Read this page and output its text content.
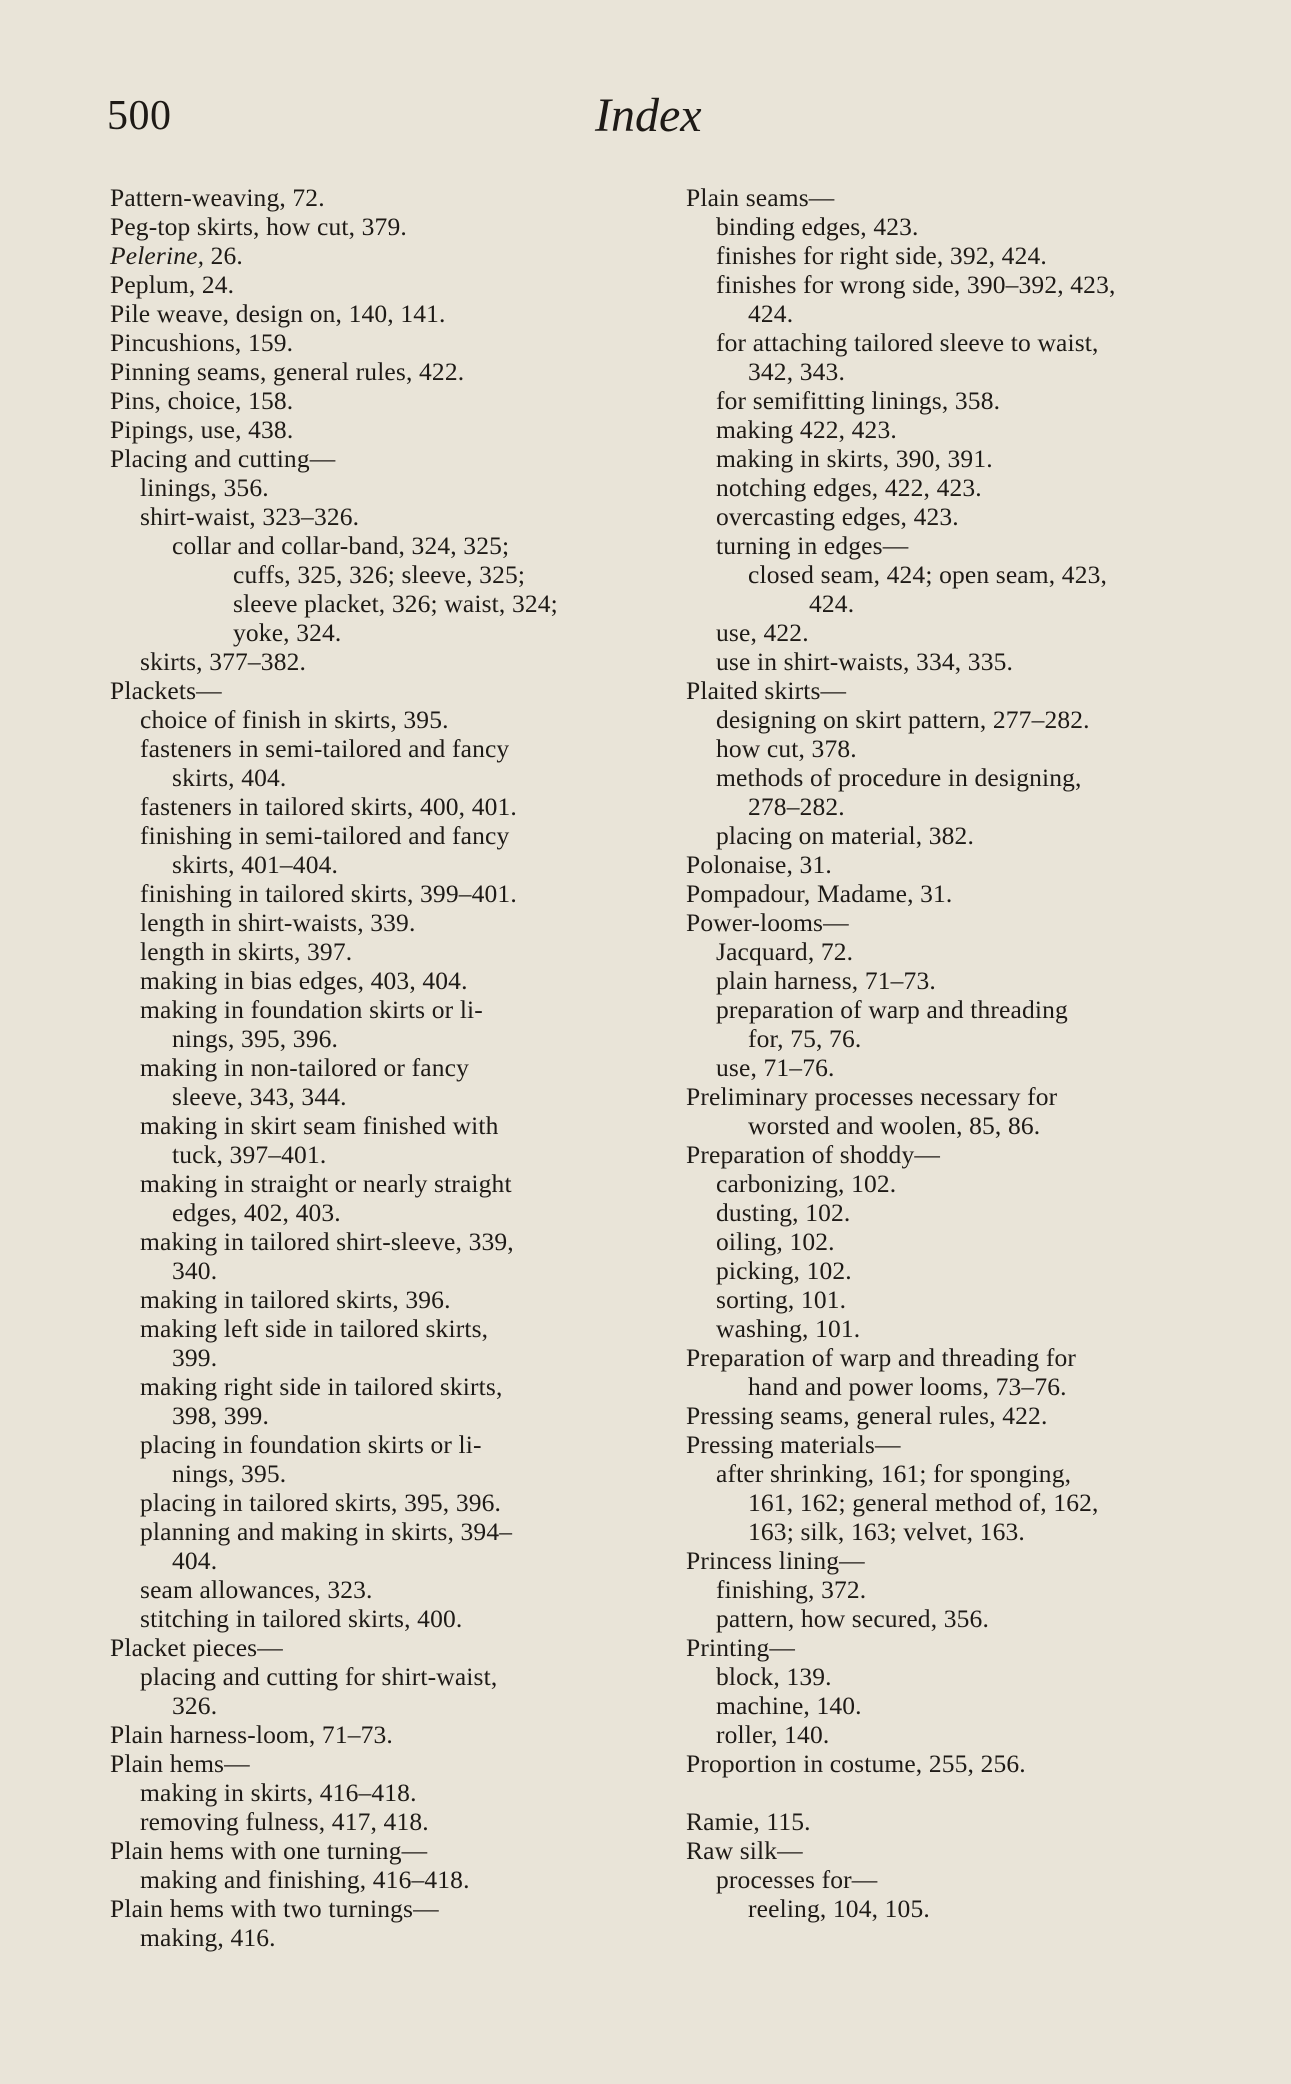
500	Index
Pattern-weaving, 72.
Peg-top skirts, how cut, 379.
Pelerine, 26.
Peplum, 24.
Pile weave, design on, 140, 141.
Pincushions, 159.
Pinning seams, general rules, 422.
Pins, choice, 158.
Pipings, use, 438.
Placing and cutting—
linings, 356.
shirt-waist, 323–326.
collar and collar-band, 324, 325;
cuffs, 325, 326; sleeve, 325;
sleeve placket, 326; waist, 324;
yoke, 324.
skirts, 377–382.
Plackets—
choice of finish in skirts, 395.
fasteners in semi-tailored and fancy
skirts, 404.
fasteners in tailored skirts, 400, 401.
finishing in semi-tailored and fancy
skirts, 401–404.
finishing in tailored skirts, 399–401.
length in shirt-waists, 339.
length in skirts, 397.
making in bias edges, 403, 404.
making in foundation skirts or li-
nings, 395, 396.
making in non-tailored or fancy
sleeve, 343, 344.
making in skirt seam finished with
tuck, 397–401.
making in straight or nearly straight
edges, 402, 403.
making in tailored shirt-sleeve, 339,
340.
making in tailored skirts, 396.
making left side in tailored skirts,
399.
making right side in tailored skirts,
398, 399.
placing in foundation skirts or li-
nings, 395.
placing in tailored skirts, 395, 396.
planning and making in skirts, 394–
404.
seam allowances, 323.
stitching in tailored skirts, 400.
Placket pieces—
placing and cutting for shirt-waist,
326.
Plain harness-loom, 71–73.
Plain hems—
making in skirts, 416–418.
removing fulness, 417, 418.
Plain hems with one turning—
making and finishing, 416–418.
Plain hems with two turnings—
making, 416.
Plain seams—
binding edges, 423.
finishes for right side, 392, 424.
finishes for wrong side, 390–392, 423,
424.
for attaching tailored sleeve to waist,
342, 343.
for semifitting linings, 358.
making 422, 423.
making in skirts, 390, 391.
notching edges, 422, 423.
overcasting edges, 423.
turning in edges—
closed seam, 424; open seam, 423,
424.
use, 422.
use in shirt-waists, 334, 335.
Plaited skirts—
designing on skirt pattern, 277–282.
how cut, 378.
methods of procedure in designing,
278–282.
placing on material, 382.
Polonaise, 31.
Pompadour, Madame, 31.
Power-looms—
Jacquard, 72.
plain harness, 71–73.
preparation of warp and threading
for, 75, 76.
use, 71–76.
Preliminary processes necessary for
worsted and woolen, 85, 86.
Preparation of shoddy—
carbonizing, 102.
dusting, 102.
oiling, 102.
picking, 102.
sorting, 101.
washing, 101.
Preparation of warp and threading for
hand and power looms, 73–76.
Pressing seams, general rules, 422.
Pressing materials—
after shrinking, 161; for sponging,
161, 162; general method of, 162,
163; silk, 163; velvet, 163.
Princess lining—
finishing, 372.
pattern, how secured, 356.
Printing—
block, 139.
machine, 140.
roller, 140.
Proportion in costume, 255, 256.
Ramie, 115.
Raw silk—
processes for—
reeling, 104, 105.
